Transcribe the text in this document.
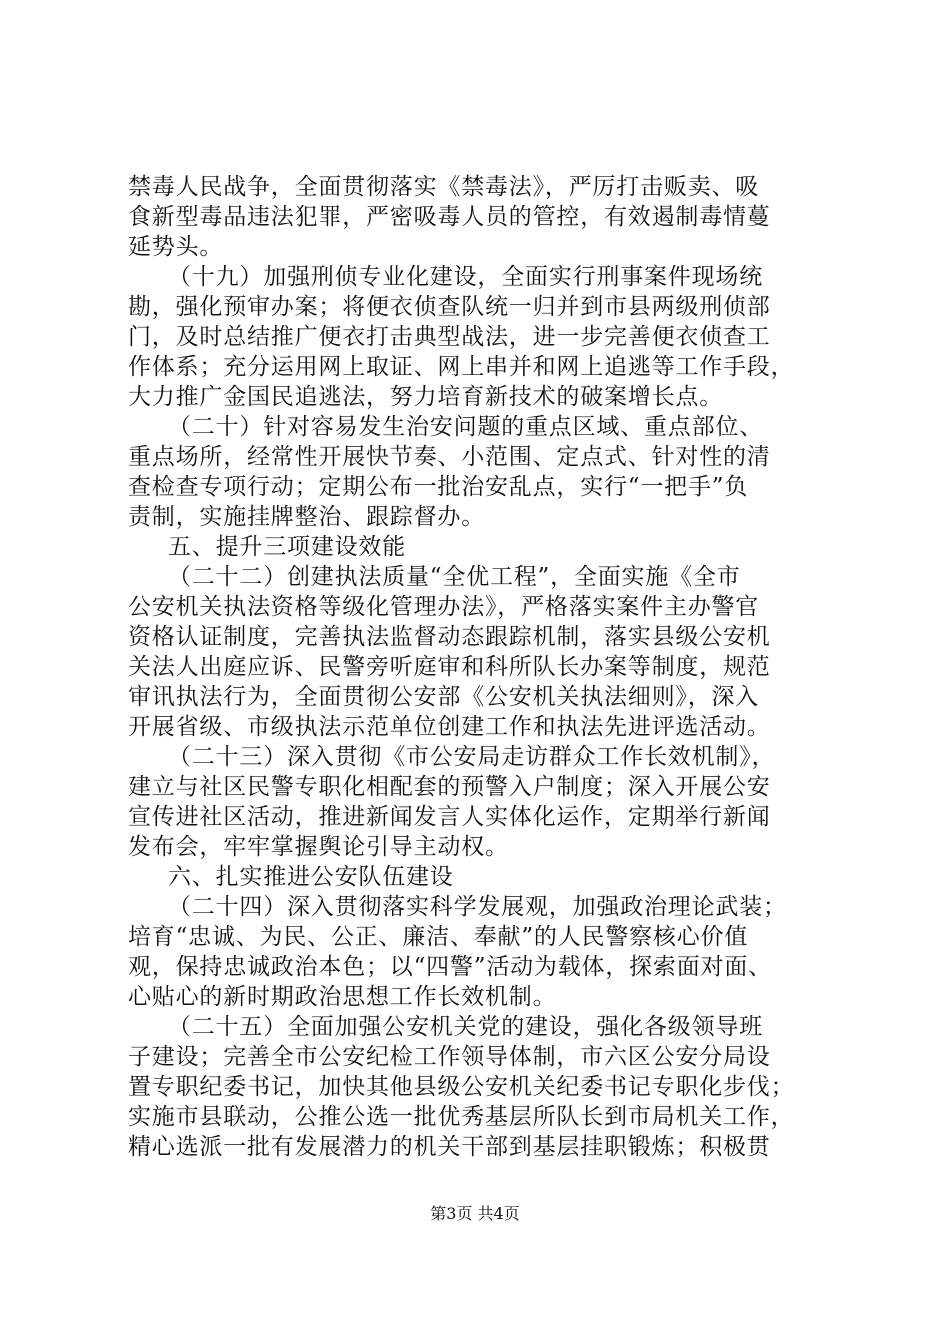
禁毒人民战争，全面贯彻落实《禁毒法》，严厉打击贩卖、吸
食新型毒品违法犯罪，严密吸毒人员的管控，有效遏制毒情蔓
延势头。
（十九）加强刑侦专业化建设，全面实行刑事案件现场统
勘，强化预审办案；将便衣侦查队统一归并到市县两级刑侦部
门，及时总结推广便衣打击典型战法，进一步完善便衣侦查工
作体系；充分运用网上取证、网上串并和网上追逃等工作手段，
大力推广金国民追逃法，努力培育新技术的破案增长点。
（二十）针对容易发生治安问题的重点区域、重点部位、
重点场所，经常性开展快节奏、小范围、定点式、针对性的清
查检查专项行动；定期公布一批治安乱点，实行“一把手”负
责制，实施挂牌整治、跟踪督办。
五、提升三项建设效能
（二十二）创建执法质量“全优工程”，全面实施《全市
公安机关执法资格等级化管理办法》，严格落实案件主办警官
资格认证制度，完善执法监督动态跟踪机制，落实县级公安机
关法人出庭应诉、民警旁听庭审和科所队长办案等制度，规范
审讯执法行为，全面贯彻公安部《公安机关执法细则》，深入
开展省级、市级执法示范单位创建工作和执法先进评选活动。
（二十三）深入贯彻《市公安局走访群众工作长效机制》，
建立与社区民警专职化相配套的预警入户制度；深入开展公安
宣传进社区活动，推进新闻发言人实体化运作，定期举行新闻
发布会，牢牢掌握舆论引导主动权。
六、扎实推进公安队伍建设
（二十四）深入贯彻落实科学发展观，加强政治理论武装；
培育“忠诚、为民、公正、廉洁、奉献”的人民警察核心价值
观，保持忠诚政治本色；以“四警”活动为载体，探索面对面、
心贴心的新时期政治思想工作长效机制。
（二十五）全面加强公安机关党的建设，强化各级领导班
子建设；完善全市公安纪检工作领导体制，市六区公安分局设
置专职纪委书记，加快其他县级公安机关纪委书记专职化步伐；
实施市县联动，公推公选一批优秀基层所队长到市局机关工作，
精心选派一批有发展潜力的机关干部到基层挂职锻炼；积极贯
第3页 共4页
